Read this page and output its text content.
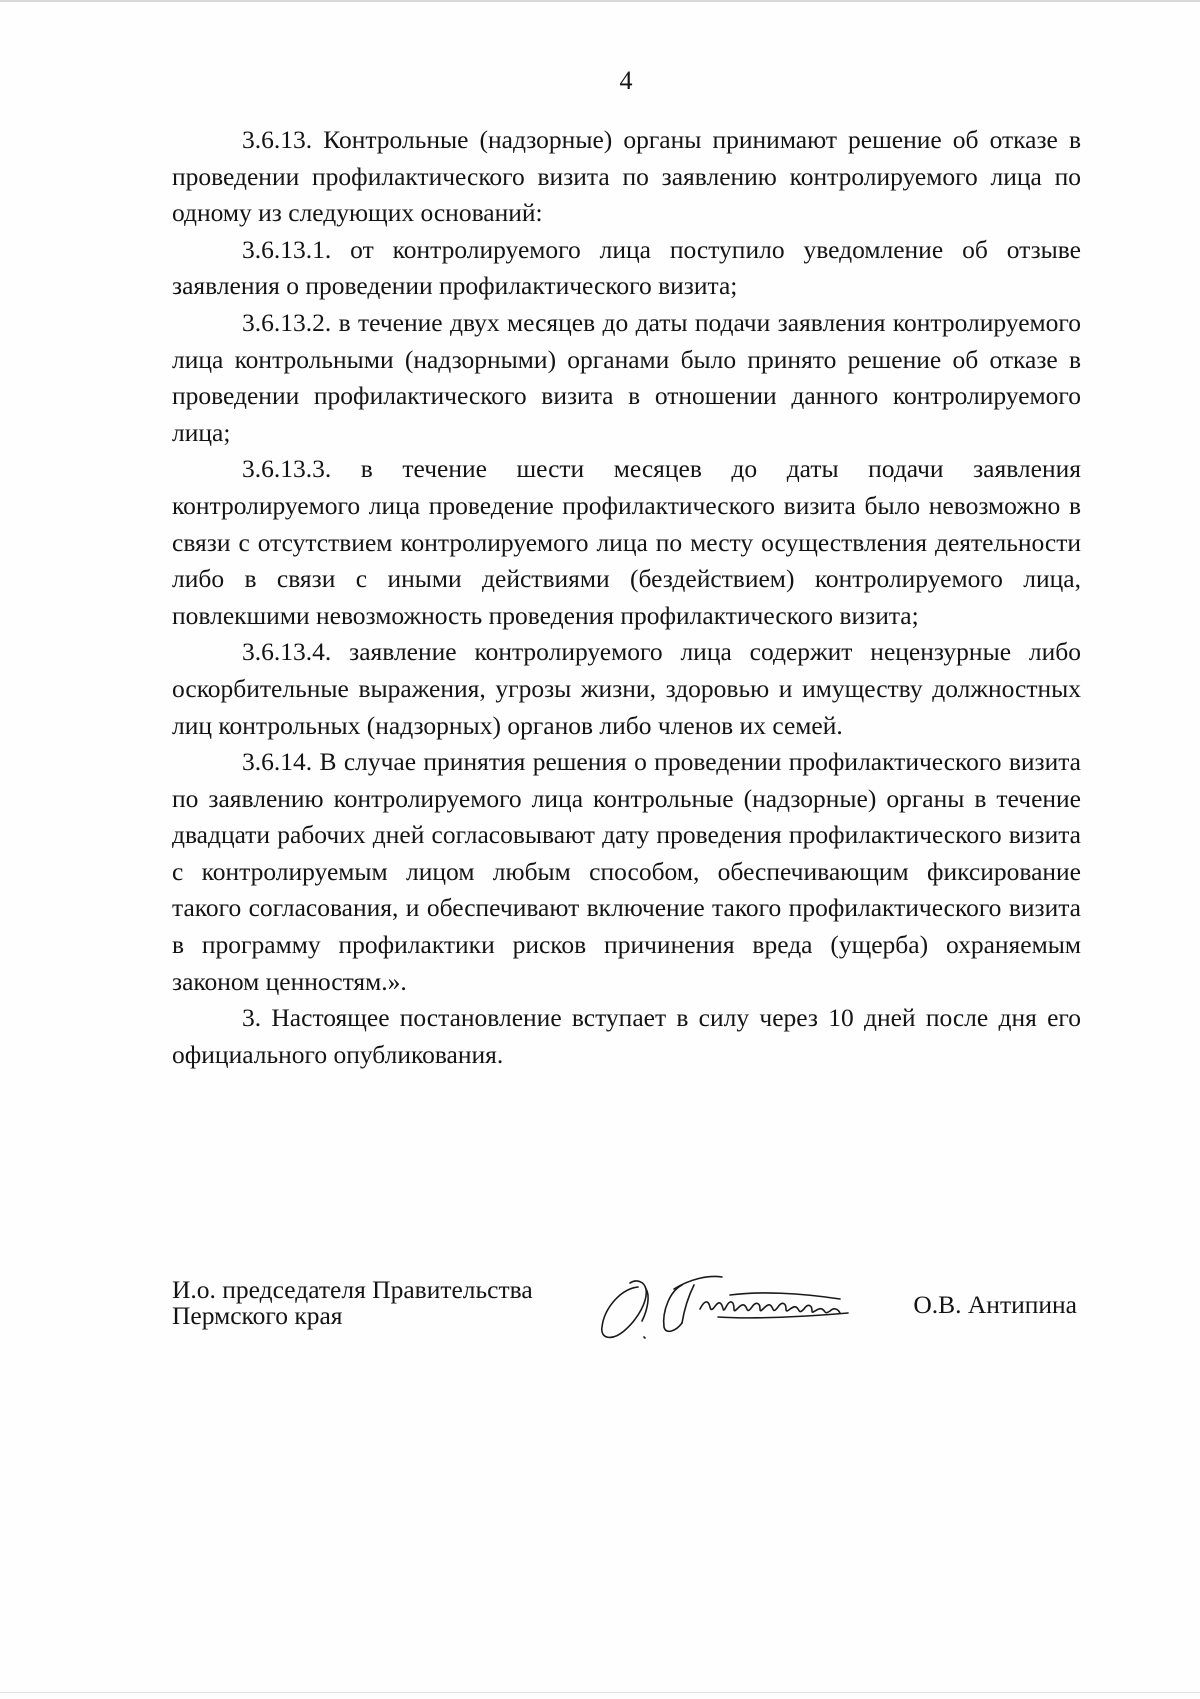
4

3.6.13. Контрольные (надзорные) органы принимают решение об отказе в проведении профилактического визита по заявлению контролируемого лица по одному из следующих оснований:

3.6.13.1. от контролируемого лица поступило уведомление об отзыве заявления о проведении профилактического визита;

3.6.13.2. в течение двух месяцев до даты подачи заявления контролируемого лица контрольными (надзорными) органами было принято решение об отказе в проведении профилактического визита в отношении данного контролируемого лица;

3.6.13.3. в течение шести месяцев до даты подачи заявления контролируемого лица проведение профилактического визита было невозможно в связи с отсутствием контролируемого лица по месту осуществления деятельности либо в связи с иными действиями (бездействием) контролируемого лица, повлекшими невозможность проведения профилактического визита;

3.6.13.4. заявление контролируемого лица содержит нецензурные либо оскорбительные выражения, угрозы жизни, здоровью и имуществу должностных лиц контрольных (надзорных) органов либо членов их семей.

3.6.14. В случае принятия решения о проведении профилактического визита по заявлению контролируемого лица контрольные (надзорные) органы в течение двадцати рабочих дней согласовывают дату проведения профилактического визита с контролируемым лицом любым способом, обеспечивающим фиксирование такого согласования, и обеспечивают включение такого профилактического визита в программу профилактики рисков причинения вреда (ущерба) охраняемым законом ценностям.».

3. Настоящее постановление вступает в силу через 10 дней после дня его официального опубликования.

И.о. председателя Правительства
Пермского края	О.В. Антипина
